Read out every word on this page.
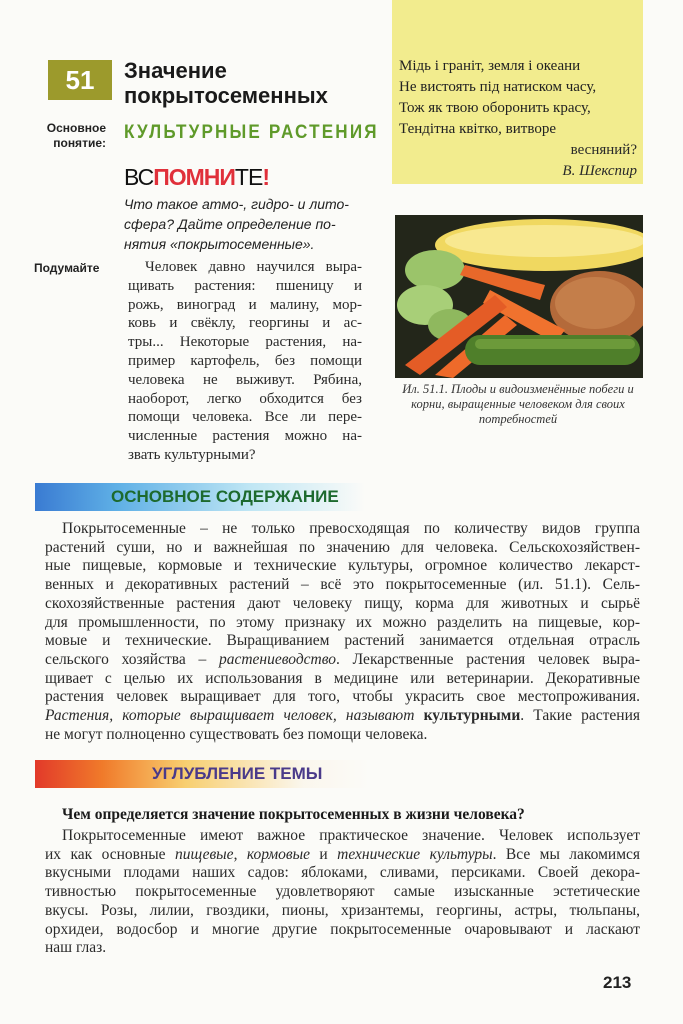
51 Значение
покрытосеменных
Основное понятие: КУЛЬТУРНЫЕ РАСТЕНИЯ
ВСПОМНИТЕ!
Что такое атмо-, гидро- и литосфера? Дайте определение понятия «покрытосеменные».
Подумайте	Человек давно научился выра-
щивать растения: пшеницу и
рожь, виноград и малину, мор-
ковь и свёклу, георгины и ас-
тры... Некоторые растения, на-
пример картофель, без помощи
человека не выживут. Рябина,
наоборот, легко обходится без
помощи человека. Все ли пере-
численные растения можно на-
звать культурными?
Мідь і граніт, земля і океани
Не вистоять під натиском часу,
Тож як твою оборонить красу,
Тендітна квітко, витворе
весняний?
В. Шекспир
Ил. 51.1. Плоды и видоизменённые побеги и корни, выращенные человеком для своих потребностей
ОСНОВНОЕ СОДЕРЖАНИЕ
Покрытосеменные – не только превосходящая по количеству видов группа
растений суши, но и важнейшая по значению для человека. Сельскохозяйствен-
ные пищевые, кормовые и технические культуры, огромное количество лекарст-
венных и декоративных растений – всё это покрытосеменные (ил. 51.1). Сель-
скохозяйственные растения дают человеку пищу, корма для животных и сырьё
для промышленности, по этому признаку их можно разделить на пищевые, кор-
мовые и технические. Выращиванием растений занимается отдельная отрасль
сельского хозяйства – растениеводство. Лекарственные растения человек выра-
щивает с целью их использования в медицине или ветеринарии. Декоративные
растения человек выращивает для того, чтобы украсить свое местопроживания.
Растения, которые выращивает человек, называют культурными. Такие растения
не могут полноценно существовать без помощи человека.
УГЛУБЛЕНИЕ ТЕМЫ
Чем определяется значение покрытосеменных в жизни человека?
Покрытосеменные имеют важное практическое значение. Человек использует
их как основные пищевые, кормовые и технические культуры. Все мы лакомимся
вкусными плодами наших садов: яблоками, сливами, персиками. Своей декора-
тивностью покрытосеменные удовлетворяют самые изысканные эстетические
вкусы. Розы, лилии, гвоздики, пионы, хризантемы, георгины, астры, тюльпаны,
орхидеи, водосбор и многие другие покрытосеменные очаровывают и ласкают
наш глаз.
213
